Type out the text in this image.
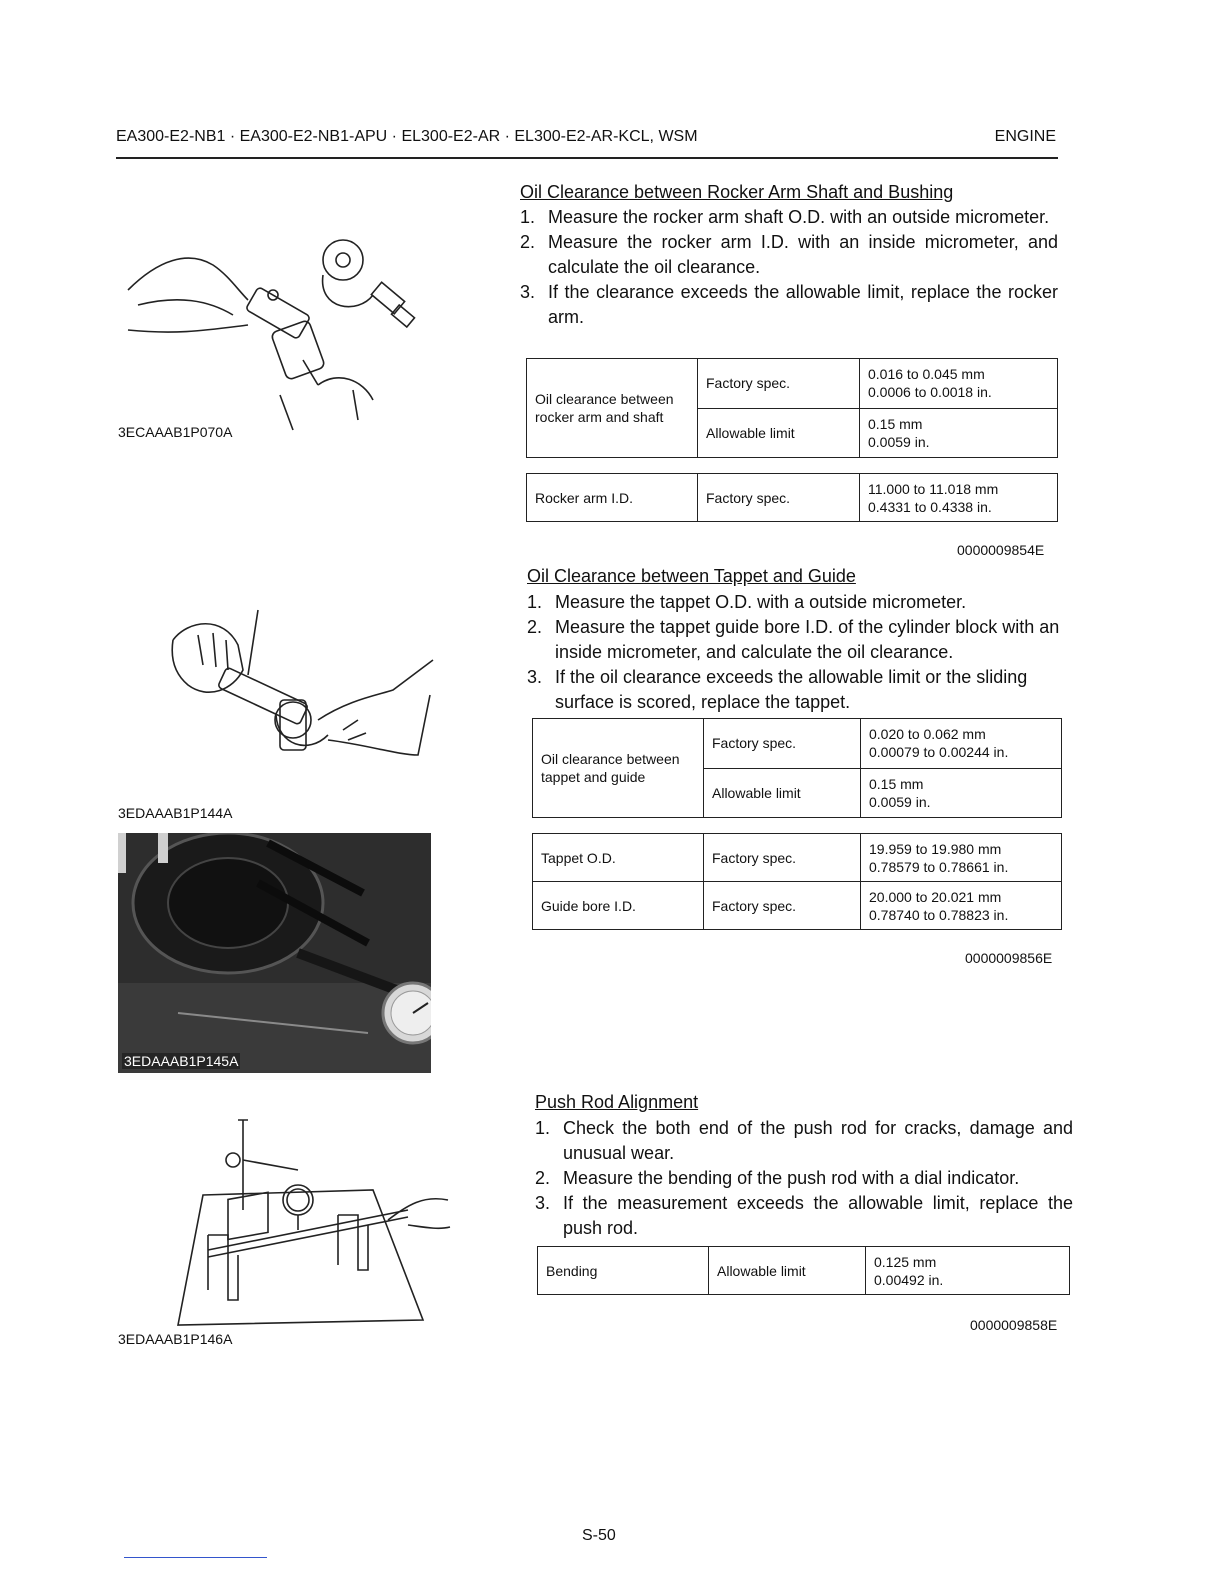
EA300-E2-NB1 · EA300-E2-NB1-APU · EL300-E2-AR · EL300-E2-AR-KCL, WSM	ENGINE
3ECAAAB1P070A
3EDAAAB1P144A
3EDAAAB1P145A
3EDAAAB1P146A
Oil Clearance between Rocker Arm Shaft and Bushing
1. Measure the rocker arm shaft O.D. with an outside micrometer.
2. Measure the rocker arm I.D. with an inside micrometer, and calculate the oil clearance.
3. If the clearance exceeds the allowable limit, replace the rocker arm.
Oil clearance between rocker arm and shaft	Factory spec.	0.016 to 0.045 mm
0.0006 to 0.0018 in.
	Allowable limit	0.15 mm
0.0059 in.
Rocker arm I.D.	Factory spec.	11.000 to 11.018 mm
0.4331 to 0.4338 in.
0000009854E
Oil Clearance between Tappet and Guide
1. Measure the tappet O.D. with a outside micrometer.
2. Measure the tappet guide bore I.D. of the cylinder block with an inside micrometer, and calculate the oil clearance.
3. If the oil clearance exceeds the allowable limit or the sliding surface is scored, replace the tappet.
Oil clearance between tappet and guide	Factory spec.	0.020 to 0.062 mm
0.00079 to 0.00244 in.
	Allowable limit	0.15 mm
0.0059 in.
Tappet O.D.	Factory spec.	19.959 to 19.980 mm
0.78579 to 0.78661 in.
Guide bore I.D.	Factory spec.	20.000 to 20.021 mm
0.78740 to 0.78823 in.
0000009856E
Push Rod Alignment
1. Check the both end of the push rod for cracks, damage and unusual wear.
2. Measure the bending of the push rod with a dial indicator.
3. If the measurement exceeds the allowable limit, replace the push rod.
Bending	Allowable limit	0.125 mm
0.00492 in.
0000009858E
S-50
